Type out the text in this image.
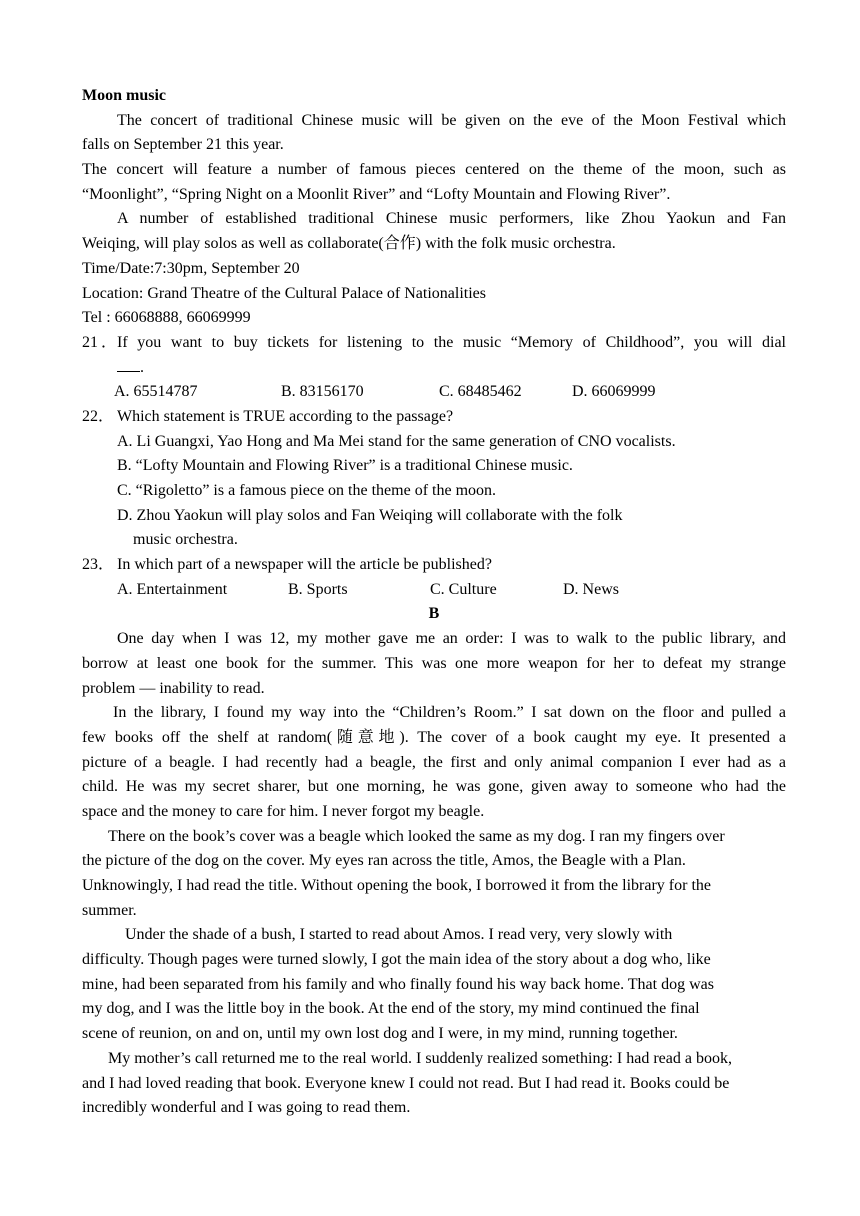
Moon music
The concert of traditional Chinese music will be given on the eve of the Moon Festival which
falls on September 21 this year.
The concert will feature a number of famous pieces centered on the theme of the moon, such as
“Moonlight”, “Spring Night on a Moonlit River” and “Lofty Mountain and Flowing River”.
A number of established traditional Chinese music performers, like Zhou Yaokun and Fan
Weiqing, will play solos as well as collaborate(合作) with the folk music orchestra.
Time/Date:7:30pm, September 20
Location: Grand Theatre of the Cultural Palace of Nationalities
Tel : 66068888, 66069999
21．If you want to buy tickets for listening to the music “Memory of Childhood”, you will dial
.
A. 65514787	B. 83156170	C. 68485462	D. 66069999
22． Which statement is TRUE according to the passage?
A. Li Guangxi, Yao Hong and Ma Mei stand for the same generation of CNO vocalists.
B. “Lofty Mountain and Flowing River” is a traditional Chinese music.
C. “Rigoletto” is a famous piece on the theme of the moon.
D. Zhou Yaokun will play solos and Fan Weiqing will collaborate with the folk
music orchestra.
23． In which part of a newspaper will the article be published?
A. Entertainment	B. Sports	C. Culture	D. News
B
One day when I was 12, my mother gave me an order: I was to walk to the public library, and
borrow at least one book for the summer. This was one more weapon for her to defeat my strange
problem — inability to read.
In the library, I found my way into the “Children’s Room.” I sat down on the floor and pulled a
few books off the shelf at random(随意地). The cover of a book caught my eye. It presented a
picture of a beagle. I had recently had a beagle, the first and only animal companion I ever had as a
child. He was my secret sharer, but one morning, he was gone, given away to someone who had the
space and the money to care for him. I never forgot my beagle.
There on the book’s cover was a beagle which looked the same as my dog. I ran my fingers over
the picture of the dog on the cover. My eyes ran across the title, Amos, the Beagle with a Plan.
Unknowingly, I had read the title. Without opening the book, I borrowed it from the library for the
summer.
Under the shade of a bush, I started to read about Amos. I read very, very slowly with
difficulty. Though pages were turned slowly, I got the main idea of the story about a dog who, like
mine, had been separated from his family and who finally found his way back home. That dog was
my dog, and I was the little boy in the book. At the end of the story, my mind continued the final
scene of reunion, on and on, until my own lost dog and I were, in my mind, running together.
My mother’s call returned me to the real world. I suddenly realized something: I had read a book,
and I had loved reading that book. Everyone knew I could not read. But I had read it. Books could be
incredibly wonderful and I was going to read them.
